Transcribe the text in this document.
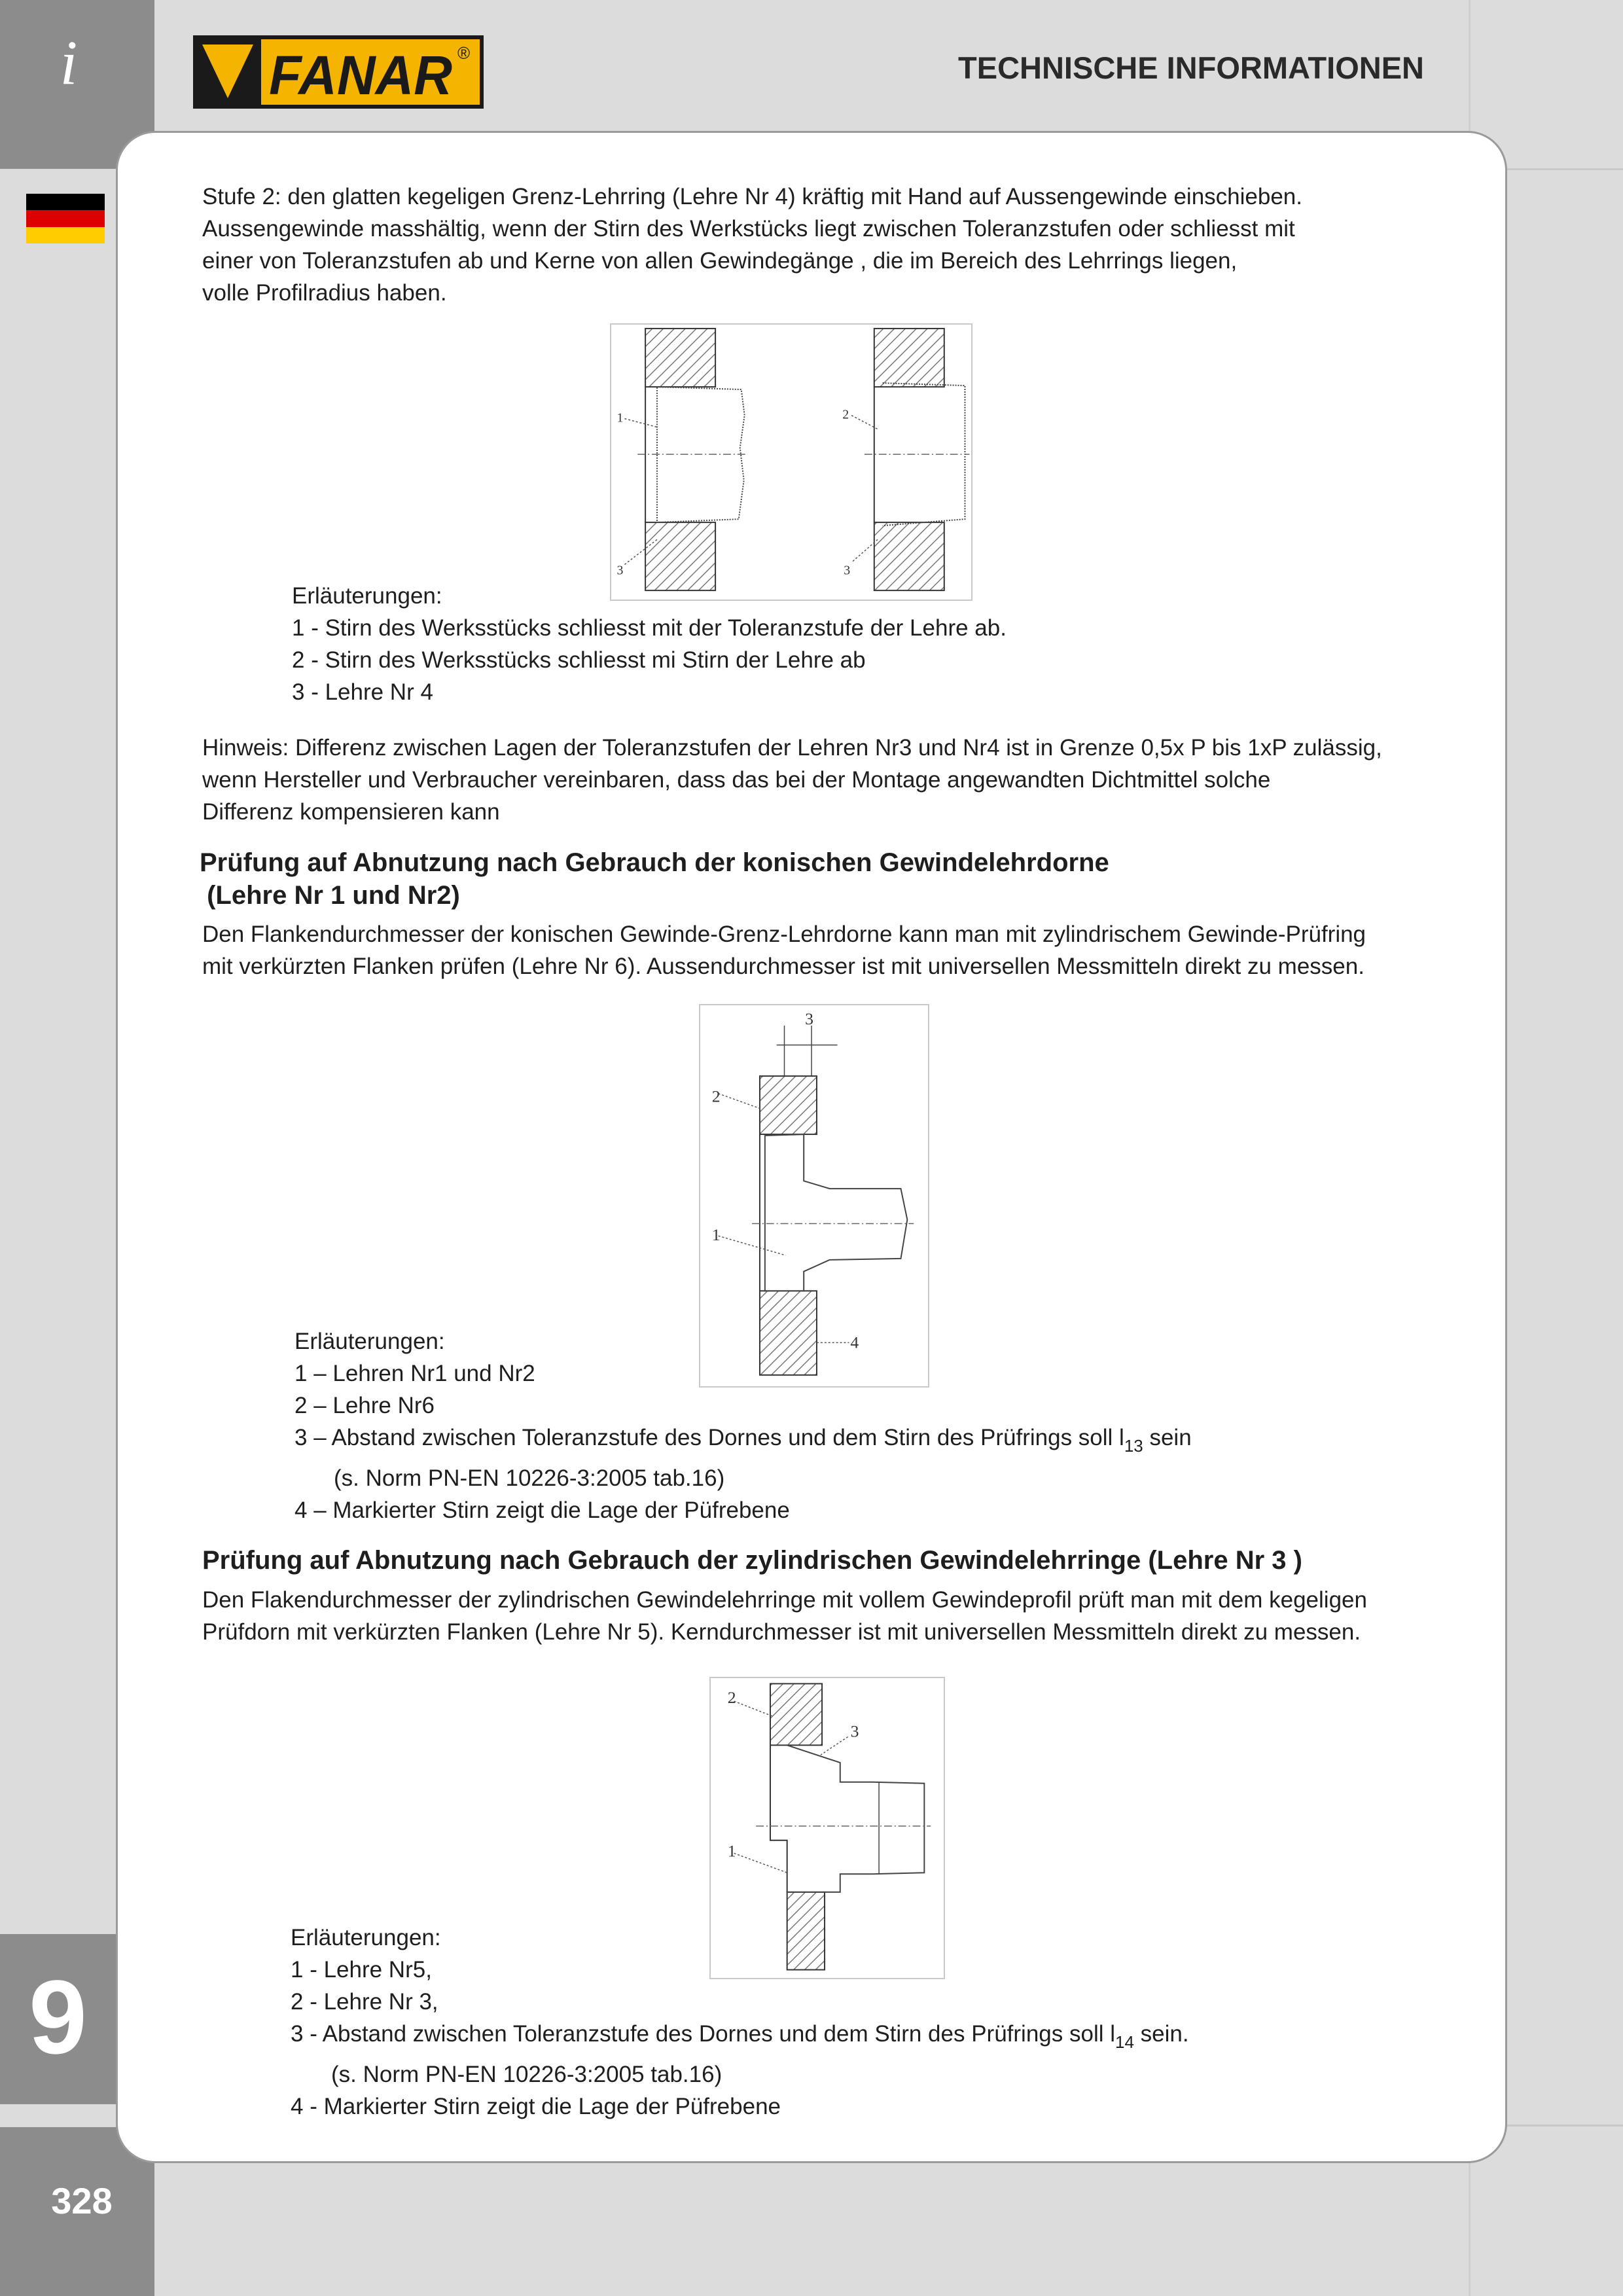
i
9
328
FANAR ®	TECHNISCHE INFORMATIONEN

Stufe 2: den glatten kegeligen Grenz-Lehrring (Lehre Nr 4) kräftig mit Hand auf Aussengewinde einschieben.

Aussengewinde masshältig, wenn der Stirn des Werkstücks liegt zwischen Toleranzstufen oder schliesst mit

einer von Toleranzstufen ab und Kerne von allen Gewindegänge , die im Bereich des Lehrrings liegen,

volle Profilradius haben.

1
3
2
3

Erläuterungen:

1 - Stirn des Werksstücks schliesst mit der Toleranzstufe der Lehre ab.

2 - Stirn des Werksstücks schliesst mi Stirn der Lehre ab

3 - Lehre Nr 4

Hinweis: Differenz zwischen Lagen der Toleranzstufen der Lehren Nr3 und Nr4 ist in Grenze 0,5x P bis 1xP zulässig,

wenn Hersteller und Verbraucher vereinbaren, dass das bei der Montage angewandten Dichtmittel solche

Differenz kompensieren kann

Prüfung auf Abnutzung nach Gebrauch der konischen Gewindelehrdorne
(Lehre Nr 1 und Nr2)

Den Flankendurchmesser der konischen Gewinde-Grenz-Lehrdorne kann man mit zylindrischem Gewinde-Prüfring

mit verkürzten Flanken prüfen (Lehre Nr 6). Aussendurchmesser ist mit universellen Messmitteln direkt zu messen.

3
2
1
4

Erläuterungen:

1 – Lehren Nr1 und Nr2

2 – Lehre Nr6

3 – Abstand zwischen Toleranzstufe des Dornes und dem Stirn des Prüfrings soll $l_{13}$ sein

(s. Norm PN-EN 10226-3:2005 tab.16)

4 – Markierter Stirn zeigt die Lage der Püfrebene

Prüfung auf Abnutzung nach Gebrauch der zylindrischen Gewindelehrringe (Lehre Nr 3 )

Den Flakendurchmesser der zylindrischen Gewindelehrringe mit vollem Gewindeprofil prüft man mit dem kegeligen

Prüfdorn mit verkürzten Flanken (Lehre Nr 5). Kerndurchmesser ist mit universellen Messmitteln direkt zu messen.

2
3
1

Erläuterungen:

1 - Lehre Nr5,

2 - Lehre Nr 3,

3 - Abstand zwischen Toleranzstufe des Dornes und dem Stirn des Prüfrings soll $l_{14}$ sein.

(s. Norm PN-EN 10226-3:2005 tab.16)

4 - Markierter Stirn zeigt die Lage der Püfrebene
